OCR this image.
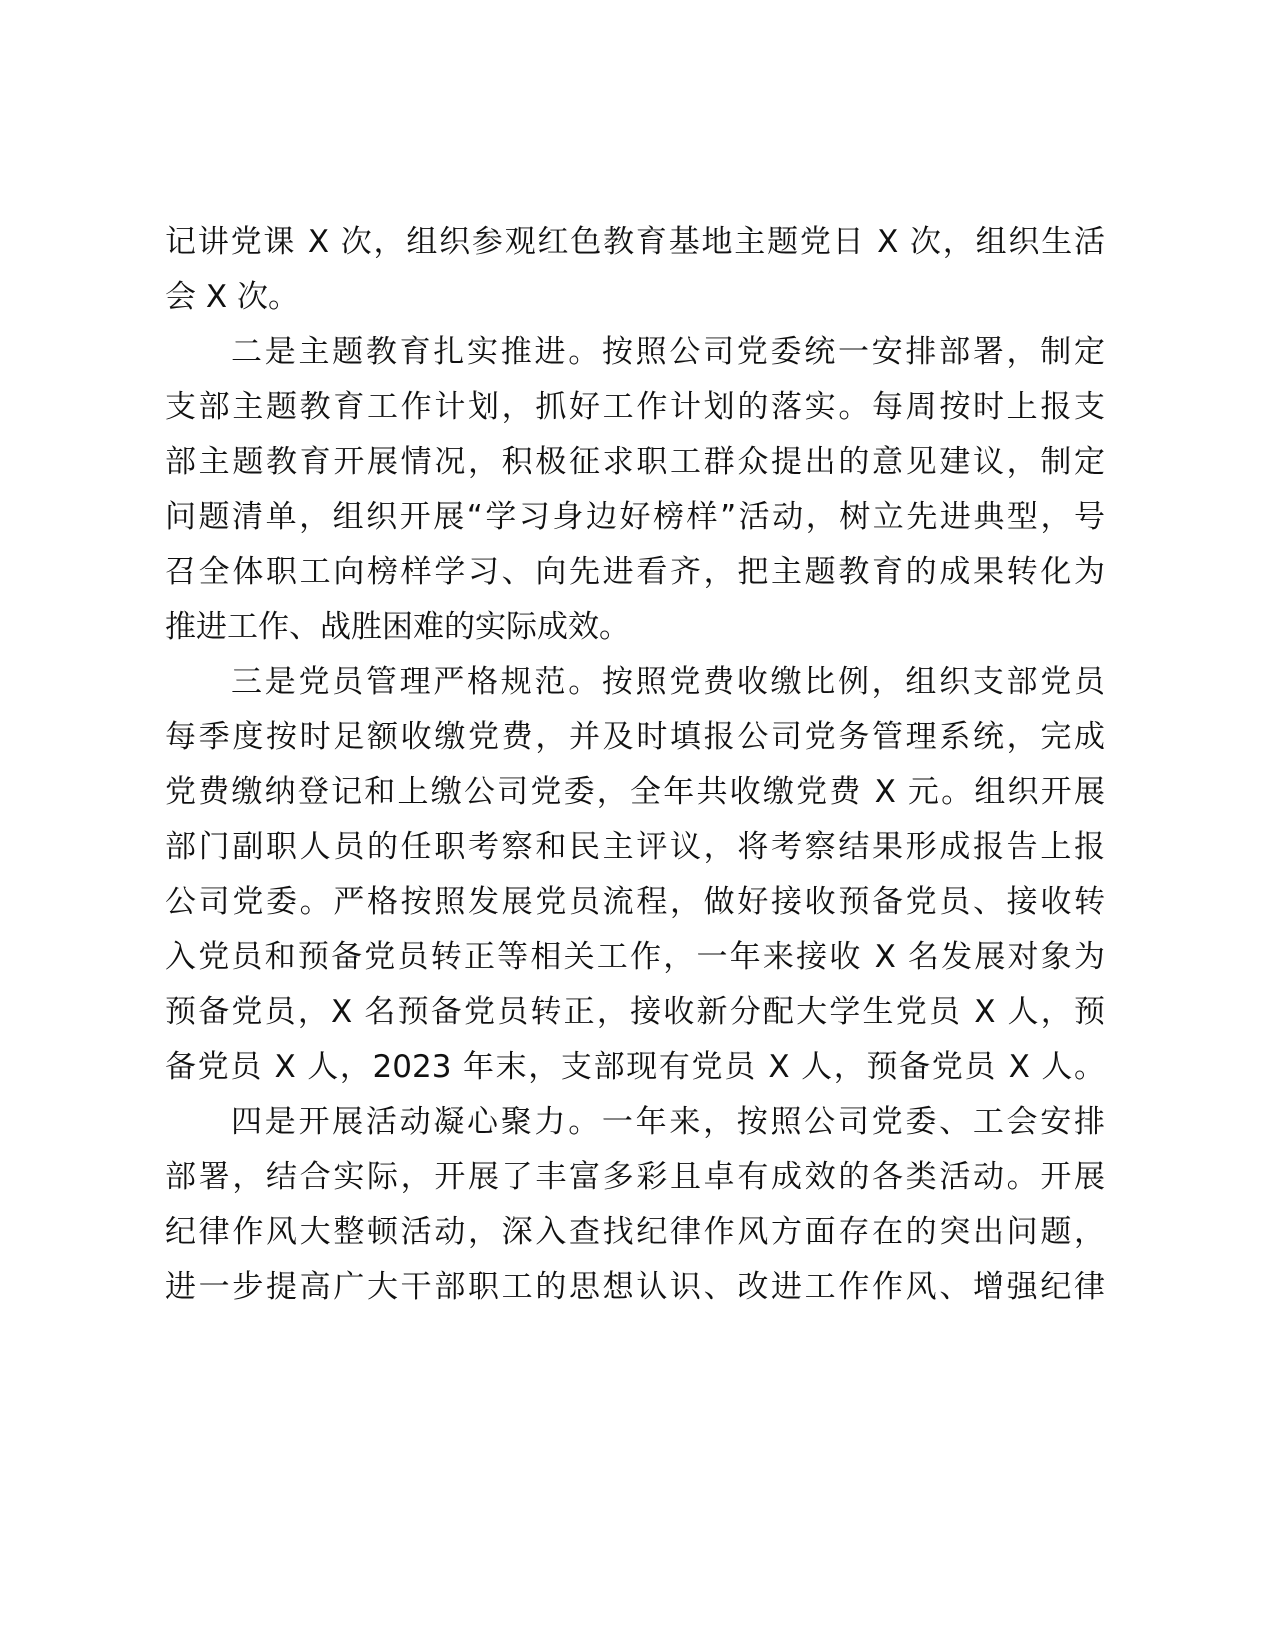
记讲党课 X 次，组织参观红色教育基地主题党日 X 次，组织生活
会 X 次。
二是主题教育扎实推进。按照公司党委统一安排部署，制定
支部主题教育工作计划，抓好工作计划的落实。每周按时上报支
部主题教育开展情况，积极征求职工群众提出的意见建议，制定
问题清单，组织开展“学习身边好榜样”活动，树立先进典型，号
召全体职工向榜样学习、向先进看齐，把主题教育的成果转化为
推进工作、战胜困难的实际成效。
三是党员管理严格规范。按照党费收缴比例，组织支部党员
每季度按时足额收缴党费，并及时填报公司党务管理系统，完成
党费缴纳登记和上缴公司党委，全年共收缴党费 X 元。组织开展
部门副职人员的任职考察和民主评议，将考察结果形成报告上报
公司党委。严格按照发展党员流程，做好接收预备党员、接收转
入党员和预备党员转正等相关工作，一年来接收 X 名发展对象为
预备党员，X 名预备党员转正，接收新分配大学生党员 X 人，预
备党员 X 人，2023 年末，支部现有党员 X 人，预备党员 X 人。
四是开展活动凝心聚力。一年来，按照公司党委、工会安排
部署，结合实际，开展了丰富多彩且卓有成效的各类活动。开展
纪律作风大整顿活动，深入查找纪律作风方面存在的突出问题，
进一步提高广大干部职工的思想认识、改进工作作风、增强纪律
